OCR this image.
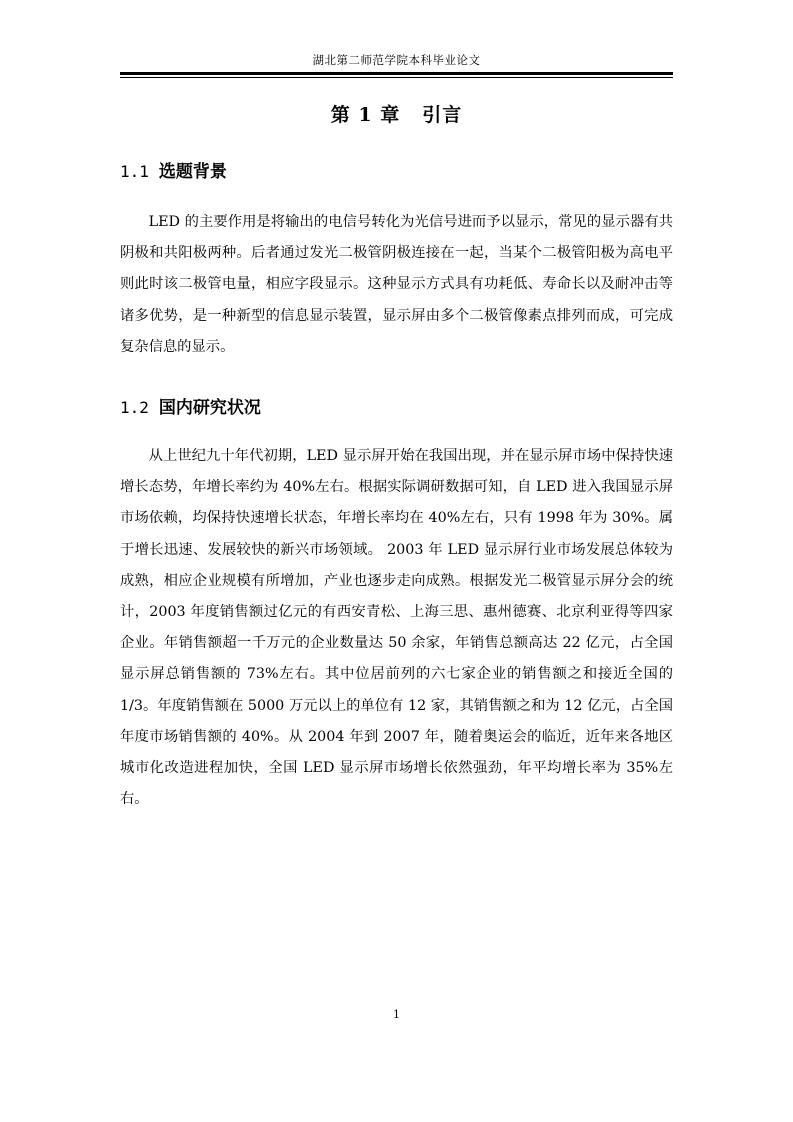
湖北第二师范学院本科毕业论文
第 1 章 引言
1.1 选题背景

LED 的主要作用是将输出的电信号转化为光信号进而予以显示，常见的显示器有共阴极和共阳极两种。后者通过发光二极管阴极连接在一起，当某个二极管阳极为高电平则此时该二极管电量，相应字段显示。这种显示方式具有功耗低、寿命长以及耐冲击等诸多优势，是一种新型的信息显示装置，显示屏由多个二极管像素点排列而成，可完成复杂信息的显示。

1.2 国内研究状况

从上世纪九十年代初期，LED 显示屏开始在我国出现，并在显示屏市场中保持快速增长态势，年增长率约为 40%左右。根据实际调研数据可知，自 LED 进入我国显示屏市场依赖，均保持快速增长状态，年增长率均在 40%左右，只有 1998 年为 30%。属于增长迅速、发展较快的新兴市场领域。 2003 年 LED 显示屏行业市场发展总体较为成熟，相应企业规模有所增加，产业也逐步走向成熟。根据发光二极管显示屏分会的统计，2003 年度销售额过亿元的有西安青松、上海三思、惠州德赛、北京利亚得等四家企业。年销售额超一千万元的企业数量达 50 余家，年销售总额高达 22 亿元，占全国显示屏总销售额的 73%左右。其中位居前列的六七家企业的销售额之和接近全国的 1/3。年度销售额在 5000 万元以上的单位有 12 家，其销售额之和为 12 亿元，占全国年度市场销售额的 40%。从 2004 年到 2007 年，随着奥运会的临近，近年来各地区城市化改造进程加快，全国 LED 显示屏市场增长依然强劲，年平均增长率为 35%左右。

1
